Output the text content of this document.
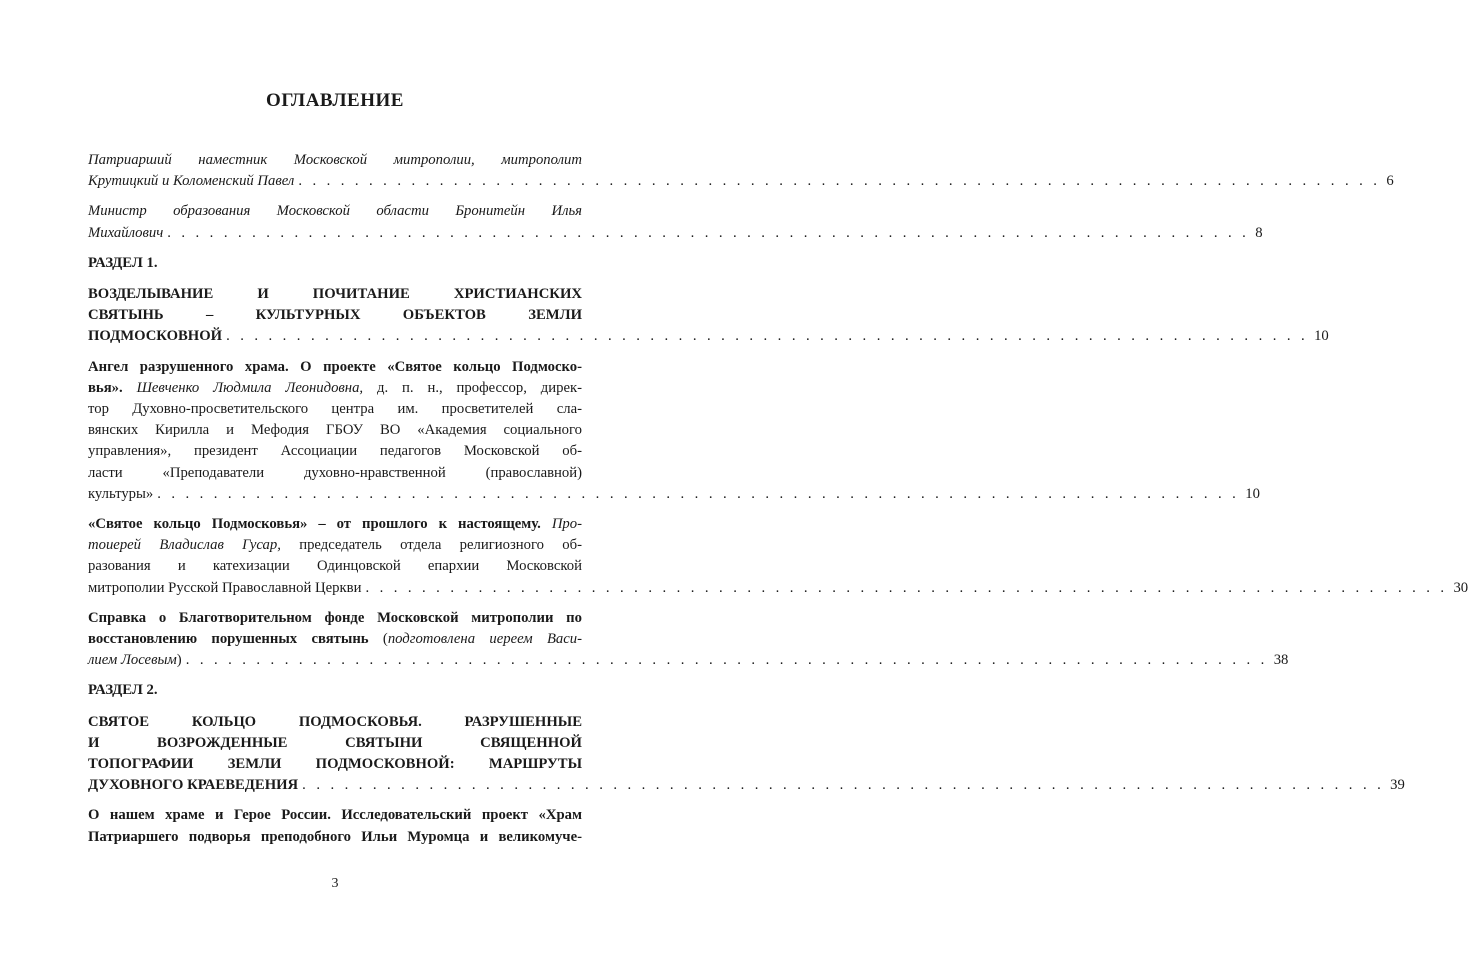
ОГЛАВЛЕНИЕ
Патриарший наместник Московской митрополии, митрополит
Крутицкий и Коломенский Павел . . . . . . . . . . . . . . . . . . . . . . . . . . . . . . . . . . . . . . . . . . . . . . . . . . . . . . . . . . . . . . . . . . . . . . . . . . . . . 6
Министр образования Московской области Бронитейн Илья
Михайлович . . . . . . . . . . . . . . . . . . . . . . . . . . . . . . . . . . . . . . . . . . . . . . . . . . . . . . . . . . . . . . . . . . . . . . . . . . . . . 8
РАЗДЕЛ 1.
ВОЗДЕЛЫВАНИЕ И ПОЧИТАНИЕ ХРИСТИАНСКИХ
СВЯТЫНЬ – КУЛЬТУРНЫХ ОБЪЕКТОВ ЗЕМЛИ
ПОДМОСКОВНОЙ . . . . . . . . . . . . . . . . . . . . . . . . . . . . . . . . . . . . . . . . . . . . . . . . . . . . . . . . . . . . . . . . . . . . . . . . . . . . . 10
Ангел разрушенного храма. О проекте «Святое кольцо Подмоско-
вья». Шевченко Людмила Леонидовна, д. п. н., профессор, дирек-
тор Духовно-просветительского центра им. просветителей сла-
вянских Кирилла и Мефодия ГБОУ ВО «Академия социального
управления», президент Ассоциации педагогов Московской об-
ласти «Преподаватели духовно-нравственной (православной)
культуры» . . . . . . . . . . . . . . . . . . . . . . . . . . . . . . . . . . . . . . . . . . . . . . . . . . . . . . . . . . . . . . . . . . . . . . . . . . . . . 10
«Святое кольцо Подмосковья» – от прошлого к настоящему. Про-
тоиерей Владислав Гусар, председатель отдела религиозного об-
разования и катехизации Одинцовской епархии Московской
митрополии Русской Православной Церкви . . . . . . . . . . . . . . . . . . . . . . . . . . . . . . . . . . . . . . . . . . . . . . . . . . . . . . . . . . . . . . . . . . . . . . . . . . . . . 30
Справка о Благотворительном фонде Московской митрополии по
восстановлению порушенных святынь (подготовлена иереем Васи-
лием Лосевым) . . . . . . . . . . . . . . . . . . . . . . . . . . . . . . . . . . . . . . . . . . . . . . . . . . . . . . . . . . . . . . . . . . . . . . . . . . . . . 38
РАЗДЕЛ 2.
СВЯТОЕ КОЛЬЦО ПОДМОСКОВЬЯ. РАЗРУШЕННЫЕ
И ВОЗРОЖДЕННЫЕ СВЯТЫНИ СВЯЩЕННОЙ
ТОПОГРАФИИ ЗЕМЛИ ПОДМОСКОВНОЙ: МАРШРУТЫ
ДУХОВНОГО КРАЕВЕДЕНИЯ . . . . . . . . . . . . . . . . . . . . . . . . . . . . . . . . . . . . . . . . . . . . . . . . . . . . . . . . . . . . . . . . . . . . . . . . . . . . . 39
О нашем храме и Герое России. Исследовательский проект «Храм
Патриаршего подворья преподобного Ильи Муромца и великомуче-
3
